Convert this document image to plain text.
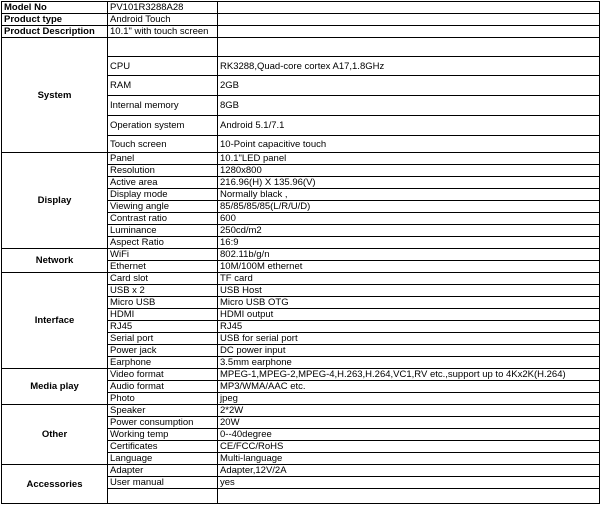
Model No	PV101R3288A28	
Product type	Android Touch	
Product Description	10.1" with touch screen	
System		
	CPU	RK3288,Quad-core cortex A17,1.8GHz
	RAM	2GB
	Internal memory	8GB
	Operation system	Android 5.1/7.1
	Touch screen	10-Point capacitive touch
Display	Panel	10.1"LED panel
	Resolution	1280x800
	Active area	216.96(H) X 135.96(V)
	Display mode	Normally black ,
	Viewing angle	85/85/85/85(L/R/U/D)
	Contrast ratio	600
	Luminance	250cd/m2
	Aspect Ratio	16:9
Network	WiFi	802.11b/g/n
	Ethernet	10M/100M ethernet
Interface	Card slot	TF card
	USB x 2	USB Host
	Micro USB	Micro USB OTG
	HDMI	HDMI output
	RJ45	RJ45
	Serial port	USB for serial port
	Power jack	DC power input
	Earphone	3.5mm earphone
Media play	Video format	MPEG-1,MPEG-2,MPEG-4,H.263,H.264,VC1,RV etc.,support up to 4Kx2K(H.264)
	Audio format	MP3/WMA/AAC etc.
	Photo	jpeg
Other	Speaker	2*2W
	Power consumption	20W
	Working temp	0--40degree
	Certificates	CE/FCC/RoHS
	Language	Multi-language
Accessories	Adapter	Adapter,12V/2A
	User manual	yes
